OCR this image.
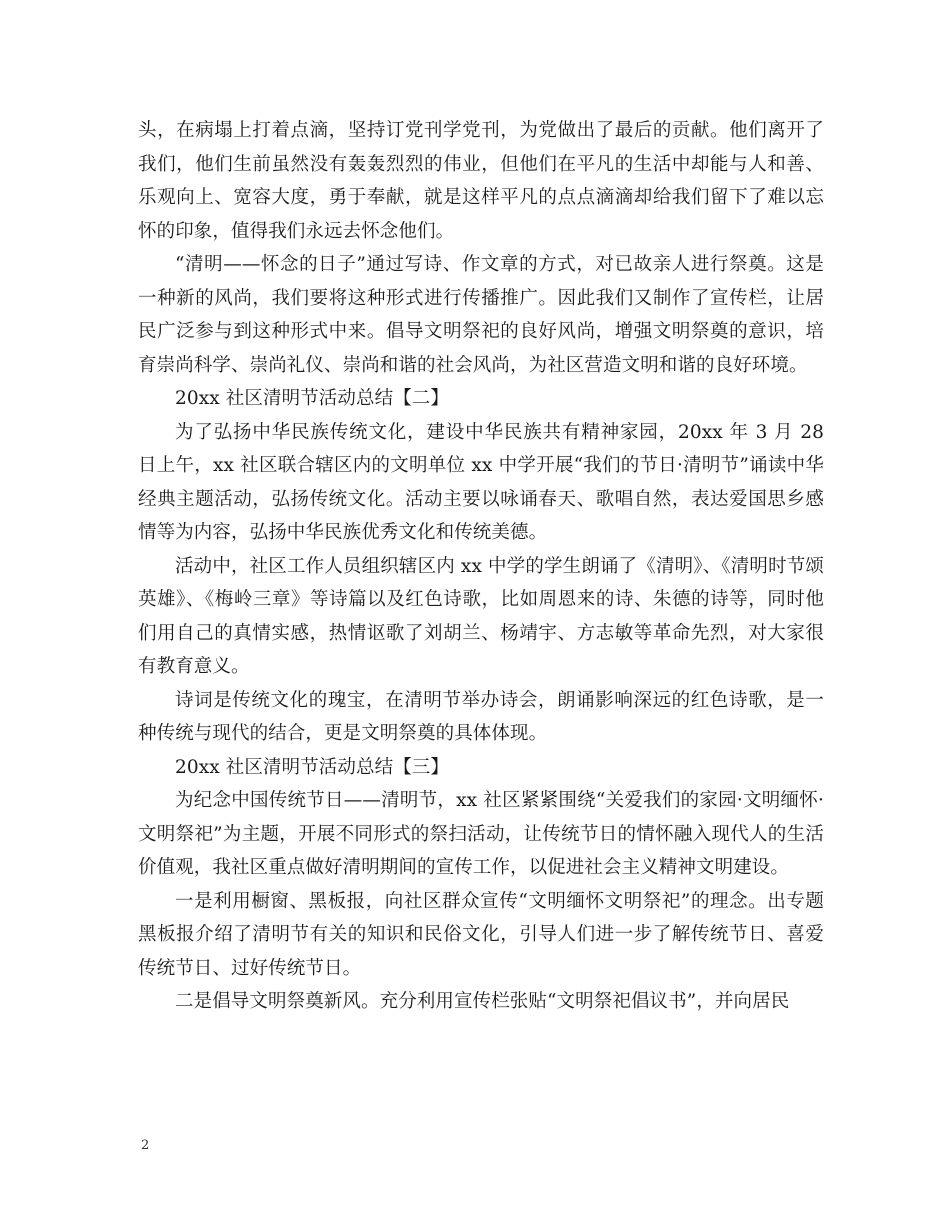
头，在病塌上打着点滴，坚持订党刊学党刊，为党做出了最后的贡献。他们离开了我们，他们生前虽然没有轰轰烈烈的伟业，但他们在平凡的生活中却能与人和善、乐观向上、宽容大度，勇于奉献，就是这样平凡的点点滴滴却给我们留下了难以忘怀的印象，值得我们永远去怀念他们。

“清明——怀念的日子”通过写诗、作文章的方式，对已故亲人进行祭奠。这是一种新的风尚，我们要将这种形式进行传播推广。因此我们又制作了宣传栏，让居民广泛参与到这种形式中来。倡导文明祭祀的良好风尚，增强文明祭奠的意识，培育崇尚科学、崇尚礼仪、崇尚和谐的社会风尚，为社区营造文明和谐的良好环境。

20xx 社区清明节活动总结【二】

为了弘扬中华民族传统文化，建设中华民族共有精神家园，20xx 年 3 月 28 日上午，xx 社区联合辖区内的文明单位 xx 中学开展“我们的节日·清明节”诵读中华经典主题活动，弘扬传统文化。活动主要以咏诵春天、歌唱自然，表达爱国思乡感情等为内容，弘扬中华民族优秀文化和传统美德。

活动中，社区工作人员组织辖区内 xx 中学的学生朗诵了《清明》、《清明时节颂英雄》、《梅岭三章》等诗篇以及红色诗歌，比如周恩来的诗、朱德的诗等，同时他们用自己的真情实感，热情讴歌了刘胡兰、杨靖宇、方志敏等革命先烈，对大家很有教育意义。

诗词是传统文化的瑰宝，在清明节举办诗会，朗诵影响深远的红色诗歌，是一种传统与现代的结合，更是文明祭奠的具体体现。

20xx 社区清明节活动总结【三】

为纪念中国传统节日——清明节，xx 社区紧紧围绕“关爱我们的家园·文明缅怀·文明祭祀”为主题，开展不同形式的祭扫活动，让传统节日的情怀融入现代人的生活价值观，我社区重点做好清明期间的宣传工作，以促进社会主义精神文明建设。

一是利用橱窗、黑板报，向社区群众宣传“文明缅怀文明祭祀”的理念。出专题黑板报介绍了清明节有关的知识和民俗文化，引导人们进一步了解传统节日、喜爱传统节日、过好传统节日。

二是倡导文明祭奠新风。充分利用宣传栏张贴“文明祭祀倡议书”，并向居民

2
